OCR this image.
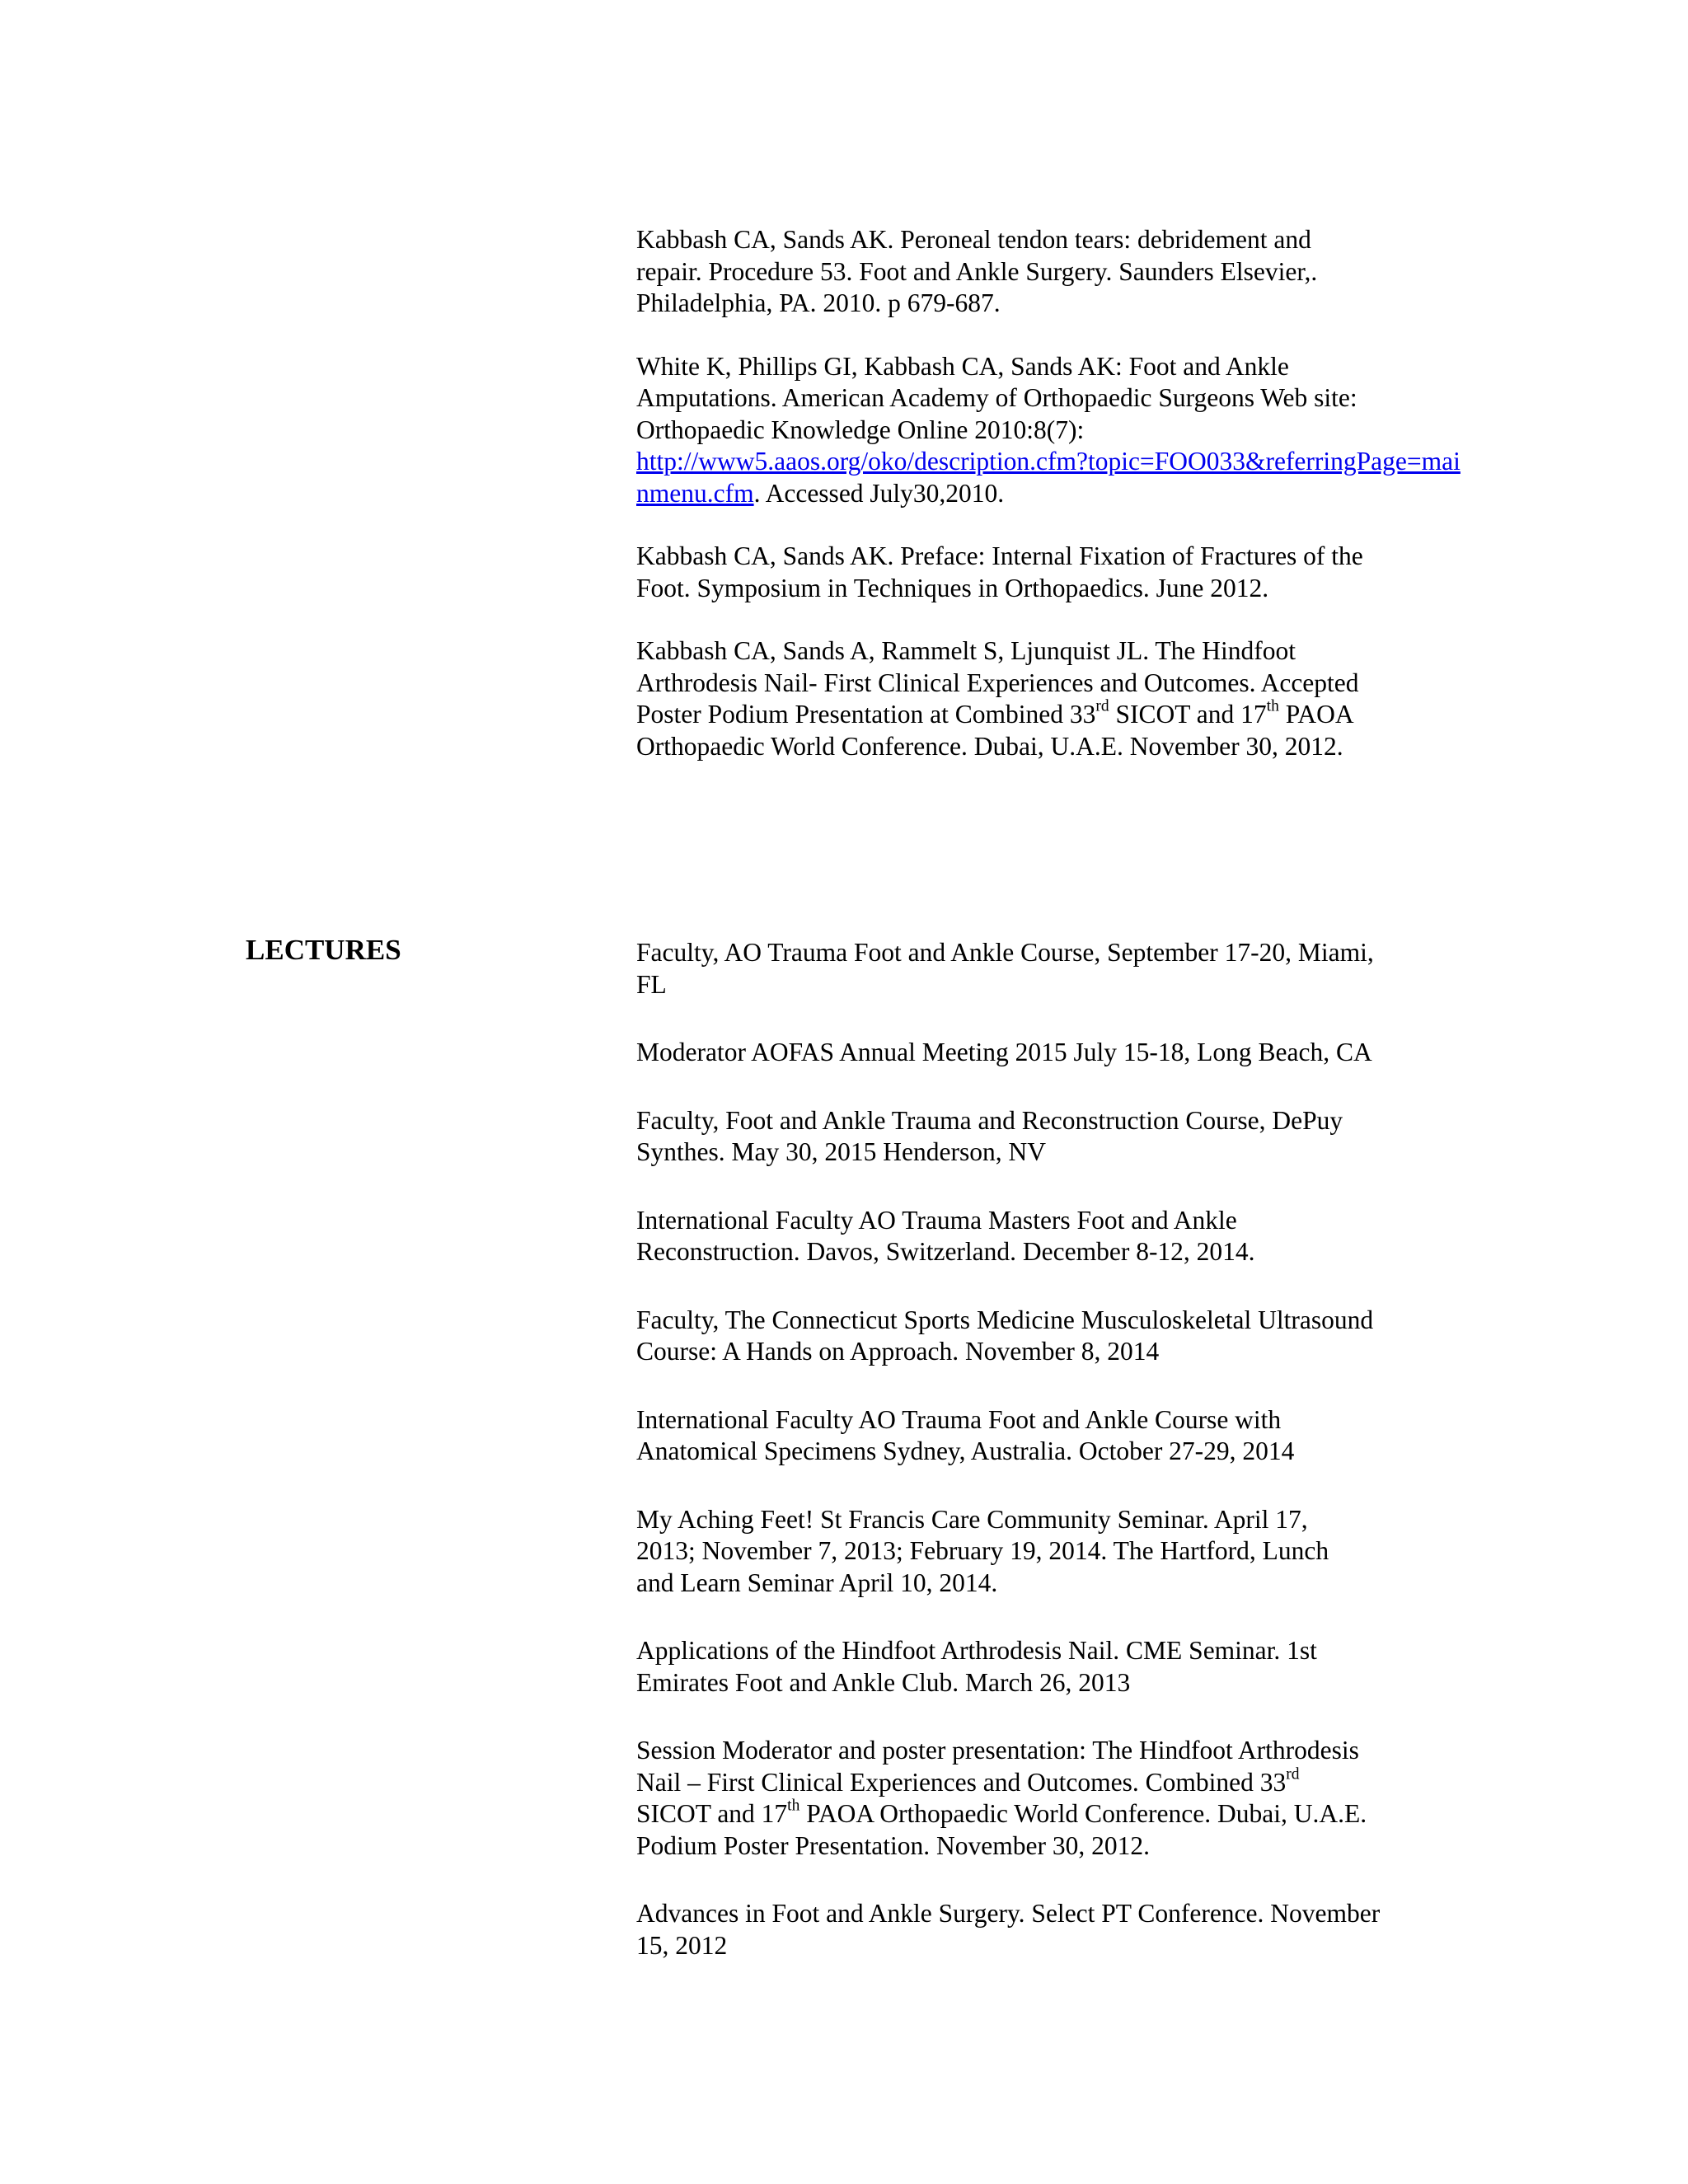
Kabbash CA, Sands AK. Peroneal tendon tears: debridement and
repair. Procedure 53. Foot and Ankle Surgery. Saunders Elsevier,.
Philadelphia, PA. 2010. p 679-687.

White K, Phillips GI, Kabbash CA, Sands AK: Foot and Ankle
Amputations. American Academy of Orthopaedic Surgeons Web site:
Orthopaedic Knowledge Online 2010:8(7):
http://www5.aaos.org/oko/description.cfm?topic=FOO033&referringPage=mainmenu.cfm. Accessed July30,2010.

Kabbash CA, Sands AK. Preface: Internal Fixation of Fractures of the
Foot. Symposium in Techniques in Orthopaedics. June 2012.

Kabbash CA, Sands A, Rammelt S, Ljunquist JL. The Hindfoot
Arthrodesis Nail- First Clinical Experiences and Outcomes. Accepted
Poster Podium Presentation at Combined 33rd SICOT and 17th PAOA
Orthopaedic World Conference. Dubai, U.A.E. November 30, 2012.

LECTURES	Faculty, AO Trauma Foot and Ankle Course, September 17-20, Miami,
FL

Moderator AOFAS Annual Meeting 2015 July 15-18, Long Beach, CA

Faculty, Foot and Ankle Trauma and Reconstruction Course, DePuy
Synthes. May 30, 2015 Henderson, NV

International Faculty AO Trauma Masters Foot and Ankle
Reconstruction. Davos, Switzerland. December 8-12, 2014.

Faculty, The Connecticut Sports Medicine Musculoskeletal Ultrasound
Course: A Hands on Approach. November 8, 2014

International Faculty AO Trauma Foot and Ankle Course with
Anatomical Specimens Sydney, Australia. October 27-29, 2014

My Aching Feet! St Francis Care Community Seminar. April 17,
2013; November 7, 2013; February 19, 2014. The Hartford, Lunch
and Learn Seminar April 10, 2014.

Applications of the Hindfoot Arthrodesis Nail. CME Seminar. 1st
Emirates Foot and Ankle Club. March 26, 2013

Session Moderator and poster presentation: The Hindfoot Arthrodesis
Nail – First Clinical Experiences and Outcomes. Combined 33rd
SICOT and 17th PAOA Orthopaedic World Conference. Dubai, U.A.E.
Podium Poster Presentation. November 30, 2012.

Advances in Foot and Ankle Surgery. Select PT Conference. November
15, 2012
